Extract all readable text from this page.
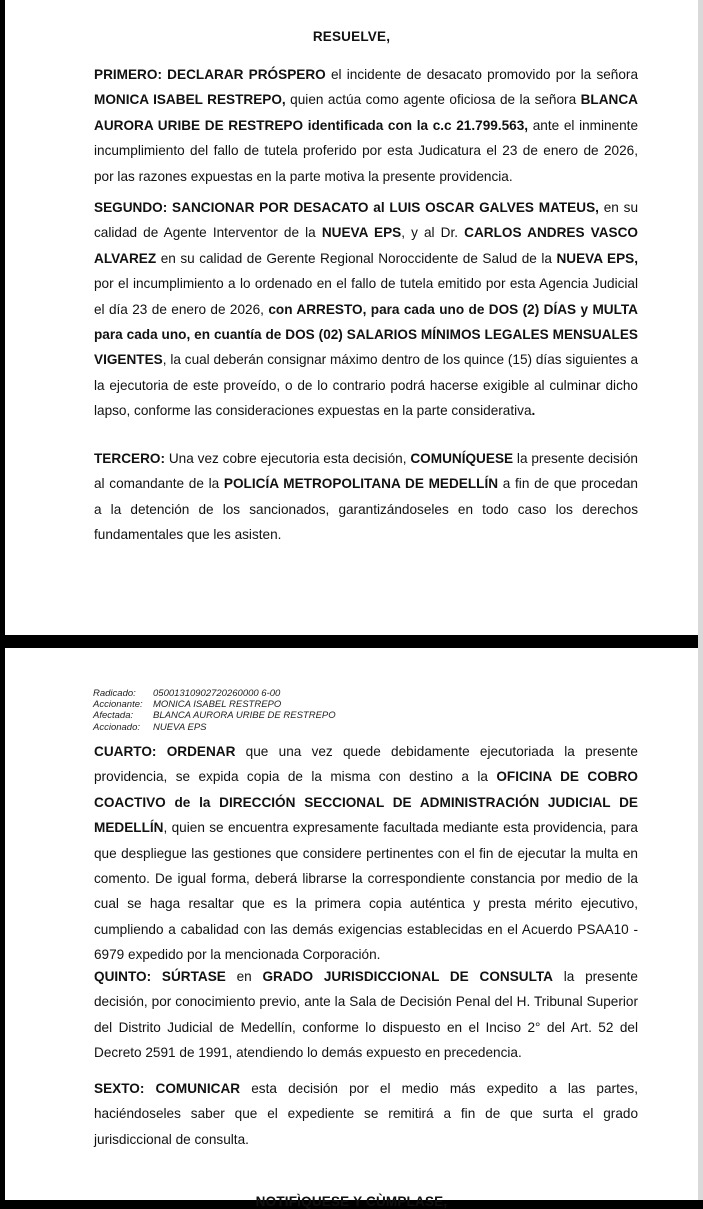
RESUELVE,

PRIMERO: DECLARAR PRÓSPERO el incidente de desacato promovido por la señora MONICA ISABEL RESTREPO, quien actúa como agente oficiosa de la señora BLANCA AURORA URIBE DE RESTREPO identificada con la c.c 21.799.563, ante el inminente incumplimiento del fallo de tutela proferido por esta Judicatura el 23 de enero de 2026, por las razones expuestas en la parte motiva la presente providencia.

SEGUNDO: SANCIONAR POR DESACATO al LUIS OSCAR GALVES MATEUS, en su calidad de Agente Interventor de la NUEVA EPS, y al Dr. CARLOS ANDRES VASCO ALVAREZ en su calidad de Gerente Regional Noroccidente de Salud de la NUEVA EPS, por el incumplimiento a lo ordenado en el fallo de tutela emitido por esta Agencia Judicial el día 23 de enero de 2026, con ARRESTO, para cada uno de DOS (2) DÍAS y MULTA para cada uno, en cuantía de DOS (02) SALARIOS MÍNIMOS LEGALES MENSUALES VIGENTES, la cual deberán consignar máximo dentro de los quince (15) días siguientes a la ejecutoria de este proveído, o de lo contrario podrá hacerse exigible al culminar dicho lapso, conforme las consideraciones expuestas en la parte considerativa.

TERCERO: Una vez cobre ejecutoria esta decisión, COMUNÍQUESE la presente decisión al comandante de la POLICÍA METROPOLITANA DE MEDELLÍN a fin de que procedan a la detención de los sancionados, garantizándoseles en todo caso los derechos fundamentales que les asisten.

Radicado:	05001310902720260000 6-00
Accionante:	MONICA ISABEL RESTREPO
Afectada:	BLANCA AURORA URIBE DE RESTREPO
Accionado:	NUEVA EPS

CUARTO: ORDENAR que una vez quede debidamente ejecutoriada la presente providencia, se expida copia de la misma con destino a la OFICINA DE COBRO COACTIVO de la DIRECCIÓN SECCIONAL DE ADMINISTRACIÓN JUDICIAL DE MEDELLÍN, quien se encuentra expresamente facultada mediante esta providencia, para que despliegue las gestiones que considere pertinentes con el fin de ejecutar la multa en comento. De igual forma, deberá librarse la correspondiente constancia por medio de la cual se haga resaltar que es la primera copia auténtica y presta mérito ejecutivo, cumpliendo a cabalidad con las demás exigencias establecidas en el Acuerdo PSAA10 - 6979 expedido por la mencionada Corporación.

QUINTO: SÚRTASE en GRADO JURISDICCIONAL DE CONSULTA la presente decisión, por conocimiento previo, ante la Sala de Decisión Penal del H. Tribunal Superior del Distrito Judicial de Medellín, conforme lo dispuesto en el Inciso 2° del Art. 52 del Decreto 2591 de 1991, atendiendo lo demás expuesto en precedencia.

SEXTO: COMUNICAR esta decisión por el medio más expedito a las partes, haciéndoseles saber que el expediente se remitirá a fin de que surta el grado jurisdiccional de consulta.

NOTIFÌQUESE Y CÙMPLASE,
